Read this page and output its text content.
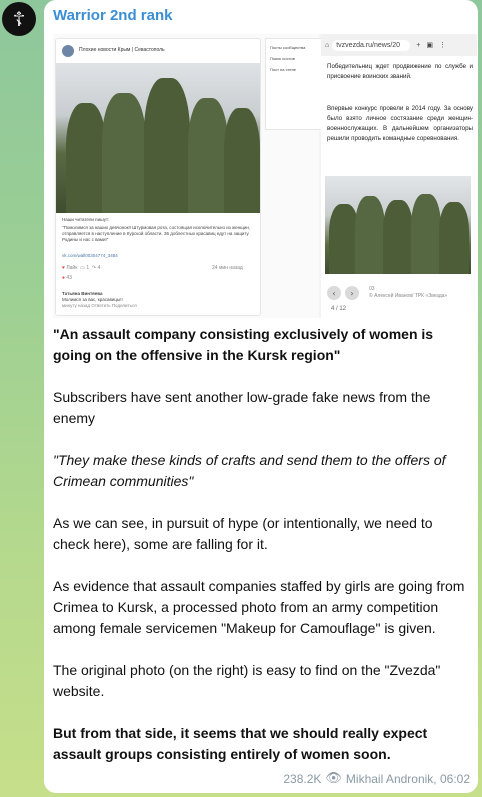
☦ Warrior 2nd rank
Плохие новости Крым | Севастополь
Наши читатели пишут:
"Помолимся за наших девчонок!! Штурмовая рота, состоящая исключительно из женщин, отправляется в наступление в Курской области. 36 доблестных красавиц едут на защиту Родины и нас с вами!"
vk.com/wall00304774_3484
♥ Лайк ▭ 1 ↷ 4	24 мин назад
● 43
Татьяна Винтяева
Молимся за вас, красавицы!!
минуту назад Ответить Поделиться
Посты сообщества
Поиск постов
Пост на стене
⌂	tvzvezda.ru/news/20	+ ▣ ⋮
Победительниц ждет продвижение по службе и присвоение воинских званий.
Впервые конкурс провели в 2014 году. За основу было взято личное состязание среди женщин-военнослужащих. В дальнейшем организаторы решили проводить командные соревнования.
‹	›	03
© Алексей Иванов/ ТРК «Звезда»
4 / 12

"An assault company consisting exclusively of women is going on the offensive in the Kursk region"

Subscribers have sent another low-grade fake news from the enemy

"They make these kinds of crafts and send them to the offers of Crimean communities"

As we can see, in pursuit of hype (or intentionally, we need to check here), some are falling for it.

As evidence that assault companies staffed by girls are going from Crimea to Kursk, a processed photo from an army competition among female servicemen "Makeup for Camouflage" is given.

The original photo (on the right) is easy to find on the "Zvezda" website.

But from that side, it seems that we should really expect assault groups consisting entirely of women soon.

238.2K 👁 Mikhail Andronik, 06:02
